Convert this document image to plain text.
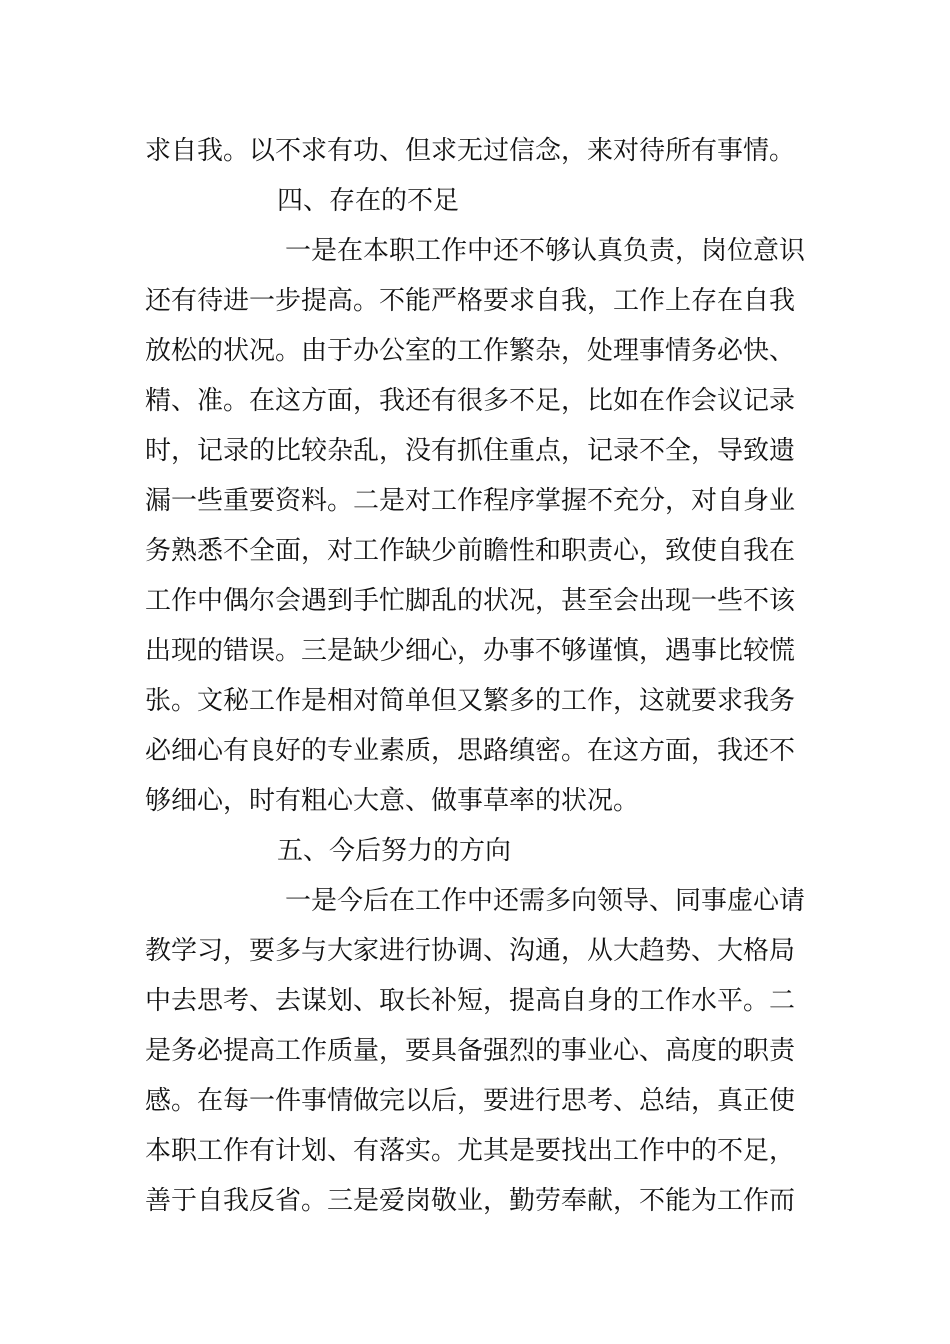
求自我。以不求有功、但求无过信念，来对待所有事情。
四、存在的不足
一是在本职工作中还不够认真负责，岗位意识
还有待进一步提高。不能严格要求自我，工作上存在自我
放松的状况。由于办公室的工作繁杂，处理事情务必快、
精、准。在这方面，我还有很多不足，比如在作会议记录
时，记录的比较杂乱，没有抓住重点，记录不全，导致遗
漏一些重要资料。二是对工作程序掌握不充分，对自身业
务熟悉不全面，对工作缺少前瞻性和职责心，致使自我在
工作中偶尔会遇到手忙脚乱的状况，甚至会出现一些不该
出现的错误。三是缺少细心，办事不够谨慎，遇事比较慌
张。文秘工作是相对简单但又繁多的工作，这就要求我务
必细心有良好的专业素质，思路缜密。在这方面，我还不
够细心，时有粗心大意、做事草率的状况。
五、今后努力的方向
一是今后在工作中还需多向领导、同事虚心请
教学习，要多与大家进行协调、沟通，从大趋势、大格局
中去思考、去谋划、取长补短，提高自身的工作水平。二
是务必提高工作质量，要具备强烈的事业心、高度的职责
感。在每一件事情做完以后，要进行思考、总结，真正使
本职工作有计划、有落实。尤其是要找出工作中的不足，
善于自我反省。三是爱岗敬业，勤劳奉献，不能为工作而
